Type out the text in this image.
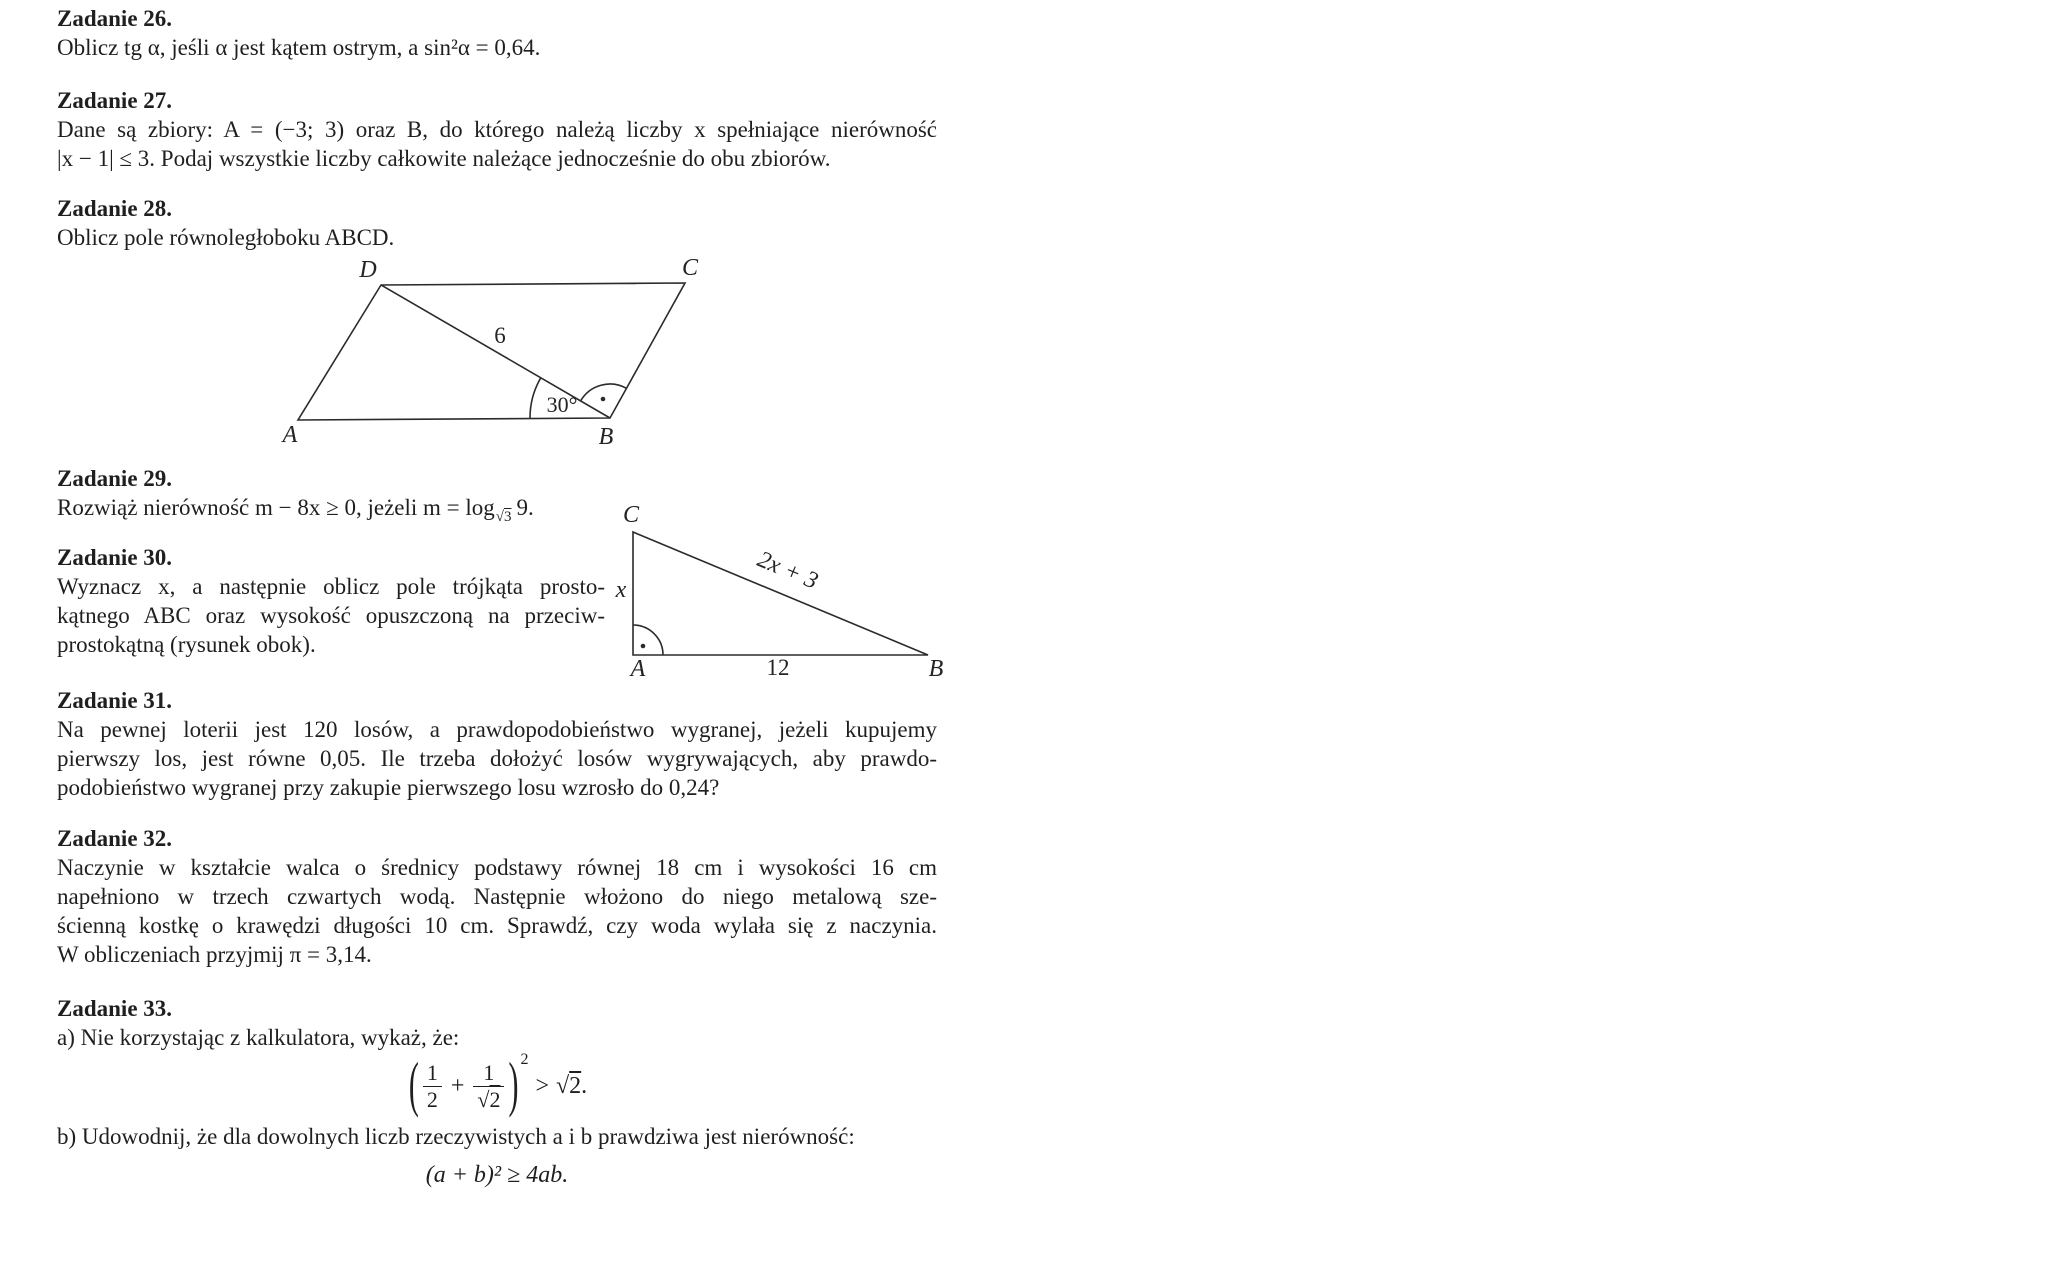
Zadanie 26.
Oblicz tg α, jeśli α jest kątem ostrym, a sin²α = 0,64.
Zadanie 27.
Dane są zbiory: A = (−3; 3) oraz B, do którego należą liczby x spełniające nierówność
|x − 1| ≤ 3. Podaj wszystkie liczby całkowite należące jednocześnie do obu zbiorów.
Zadanie 28.
Oblicz pole równoległoboku ABCD.
D	C
A	B
6
30°
Zadanie 29.
Rozwiąż nierówność m − 8x ≥ 0, jeżeli $m = \log_{√3} 9$.
Zadanie 30.
Wyznacz x, a następnie oblicz pole trójkąta prosto-
kątnego ABC oraz wysokość opuszczoną na przeciw-
prostokątną (rysunek obok).
C
A	B
x	2x + 3
12
Zadanie 31.
Na pewnej loterii jest 120 losów, a prawdopodobieństwo wygranej, jeżeli kupujemy
pierwszy los, jest równe 0,05. Ile trzeba dołożyć losów wygrywających, aby prawdo-
podobieństwo wygranej przy zakupie pierwszego losu wzrosło do 0,24?
Zadanie 32.
Naczynie w kształcie walca o średnicy podstawy równej 18 cm i wysokości 16 cm
napełniono w trzech czwartych wodą. Następnie włożono do niego metalową sze-
ścienną kostkę o krawędzi długości 10 cm. Sprawdź, czy woda wylała się z naczynia.
W obliczeniach przyjmij π = 3,14.
Zadanie 33.
a) Nie korzystając z kalkulatora, wykaż, że:
( $\frac{1}{2} + \frac{1}{√2}$ ) 2> √2.
b) Udowodnij, że dla dowolnych liczb rzeczywistych a i b prawdziwa jest nierówność:
(a + b)² ≥ 4ab.
